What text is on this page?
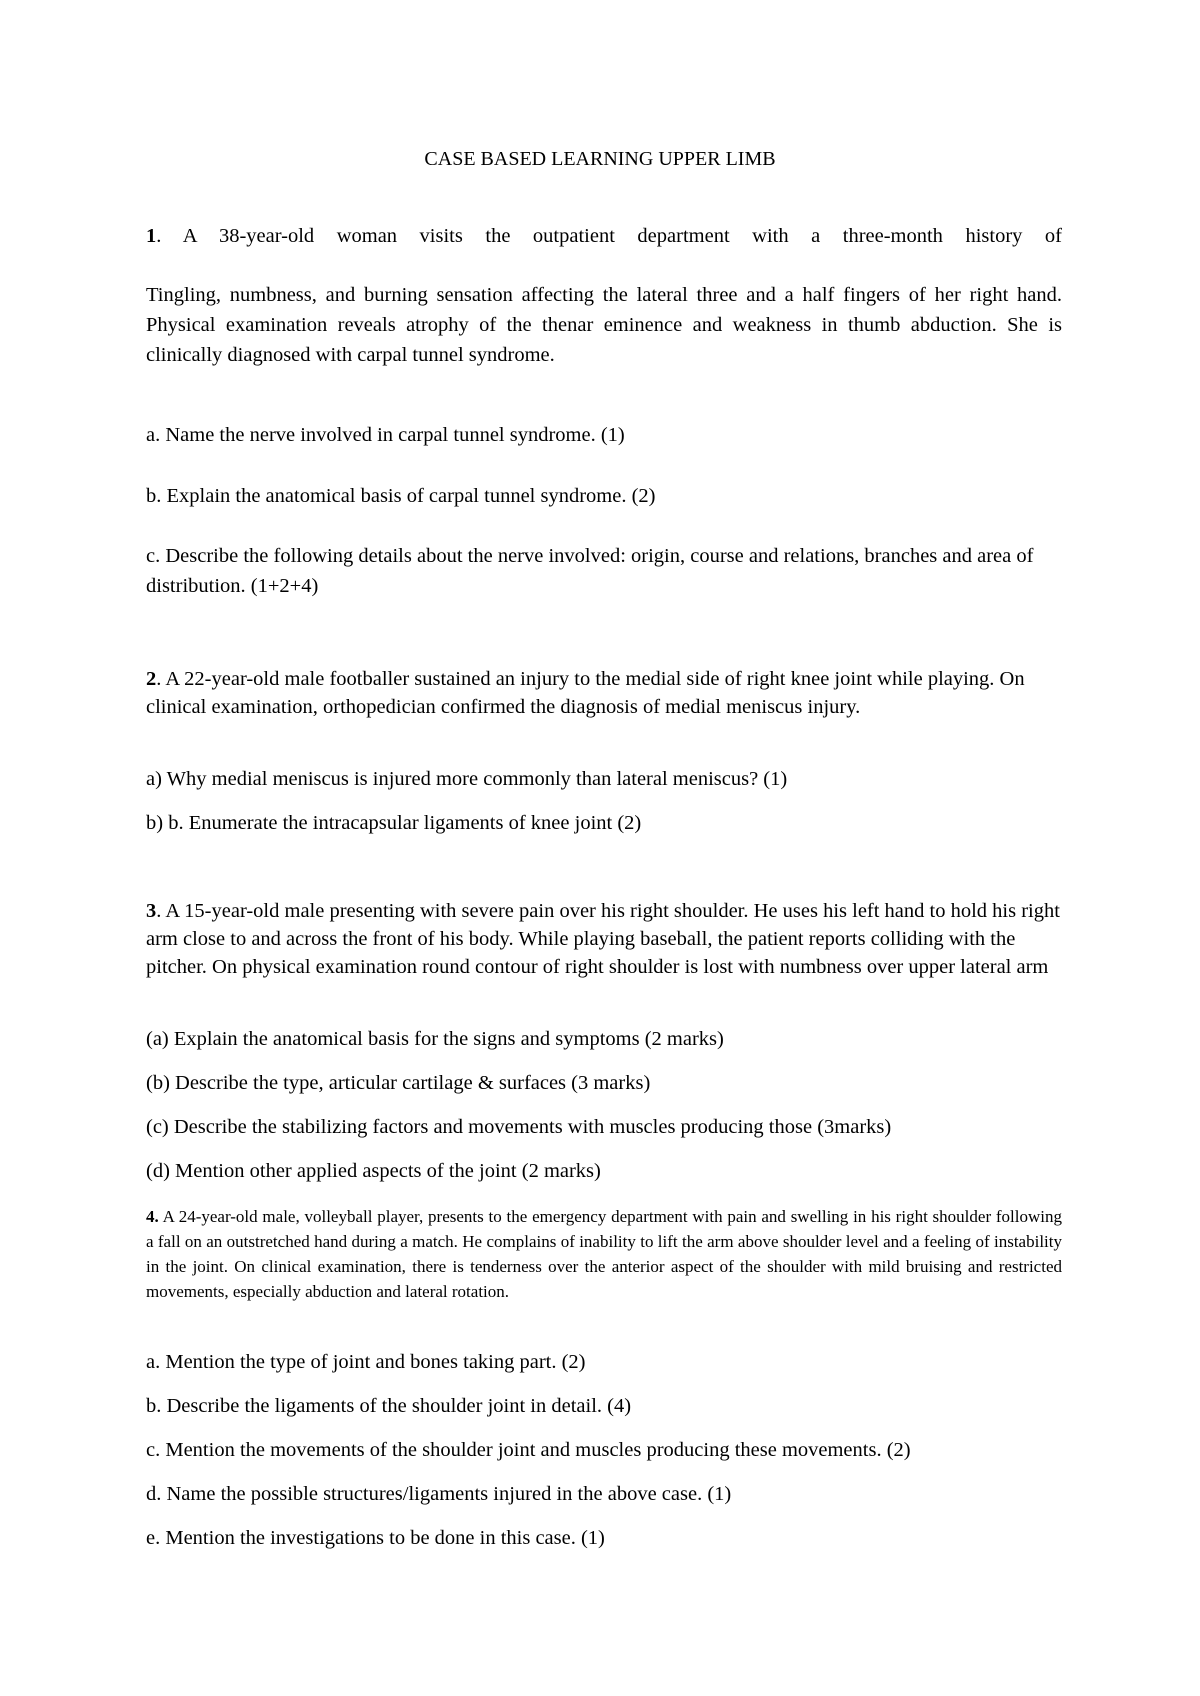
CASE BASED LEARNING UPPER LIMB

1. A 38-year-old woman visits the outpatient department with a three-month history of

Tingling, numbness, and burning sensation affecting the lateral three and a half fingers of her right hand. Physical examination reveals atrophy of the thenar eminence and weakness in thumb abduction. She is clinically diagnosed with carpal tunnel syndrome.

a. Name the nerve involved in carpal tunnel syndrome. (1)

b. Explain the anatomical basis of carpal tunnel syndrome. (2)

c. Describe the following details about the nerve involved: origin, course and relations, branches and area of distribution. (1+2+4)

2. A 22-year-old male footballer sustained an injury to the medial side of right knee joint while playing. On clinical examination, orthopedician confirmed the diagnosis of medial meniscus injury.

a) Why medial meniscus is injured more commonly than lateral meniscus? (1)

b) b. Enumerate the intracapsular ligaments of knee joint (2)

3. A 15-year-old male presenting with severe pain over his right shoulder. He uses his left hand to hold his right arm close to and across the front of his body. While playing baseball, the patient reports colliding with the pitcher. On physical examination round contour of right shoulder is lost with numbness over upper lateral arm

(a) Explain the anatomical basis for the signs and symptoms (2 marks)

(b) Describe the type, articular cartilage & surfaces (3 marks)

(c) Describe the stabilizing factors and movements with muscles producing those (3marks)

(d) Mention other applied aspects of the joint (2 marks)

4. A 24-year-old male, volleyball player, presents to the emergency department with pain and swelling in his right shoulder following a fall on an outstretched hand during a match. He complains of inability to lift the arm above shoulder level and a feeling of instability in the joint. On clinical examination, there is tenderness over the anterior aspect of the shoulder with mild bruising and restricted movements, especially abduction and lateral rotation.

a. Mention the type of joint and bones taking part. (2)

b. Describe the ligaments of the shoulder joint in detail. (4)

c. Mention the movements of the shoulder joint and muscles producing these movements. (2)

d. Name the possible structures/ligaments injured in the above case. (1)

e. Mention the investigations to be done in this case. (1)
